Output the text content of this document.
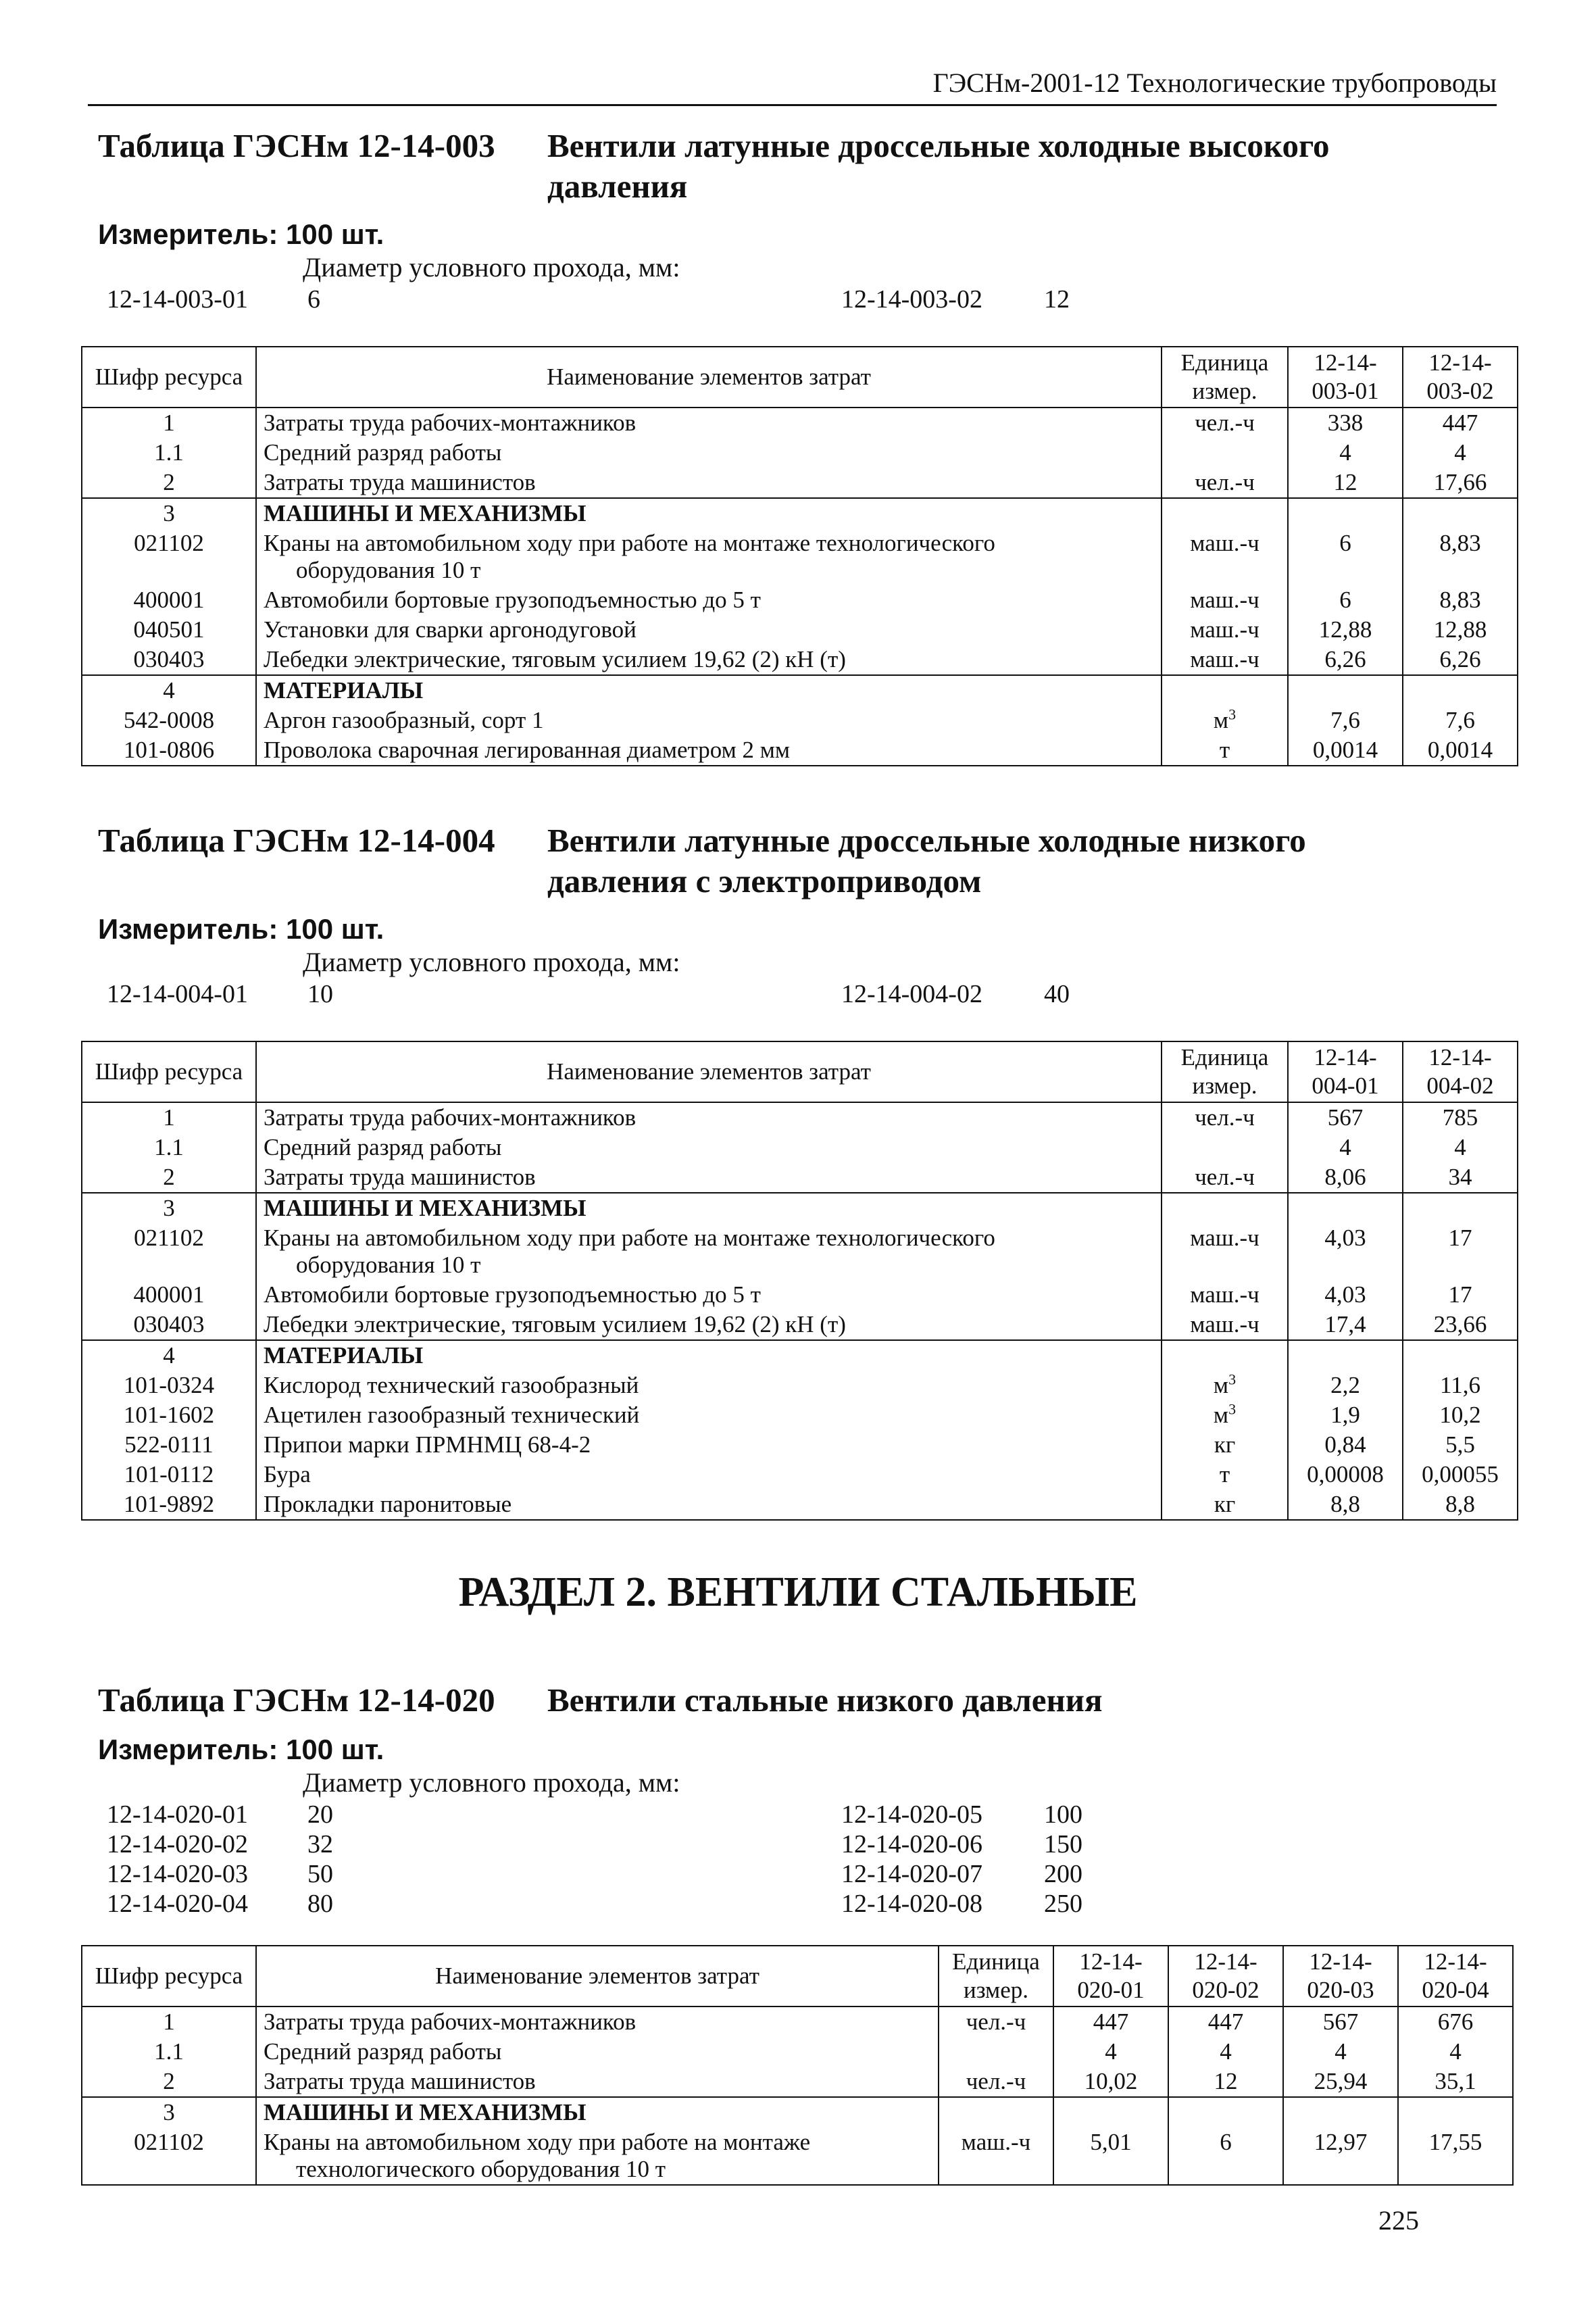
ГЭСНм-2001-12 Технологические трубопроводы
Таблица ГЭСНм 12-14-003	Вентили латунные дроссельные холодные высокого давления
Измеритель: 100 шт.
Диаметр условного прохода, мм:
12-14-003-01 6	12-14-003-02 12
Шифр ресурса	Наименование элементов затрат	Единица измер.	12-14-003-01	12-14-003-02
1	Затраты труда рабочих-монтажников	чел.-ч	338	447
1.1	Средний разряд работы		4	4
2	Затраты труда машинистов	чел.-ч	12	17,66
3	МАШИНЫ И МЕХАНИЗМЫ			
021102	Краны на автомобильном ходу при работе на монтаже технологического
оборудования 10 т	маш.-ч	6	8,83
400001	Автомобили бортовые грузоподъемностью до 5 т	маш.-ч	6	8,83
040501	Установки для сварки аргонодуговой	маш.-ч	12,88	12,88
030403	Лебедки электрические, тяговым усилием 19,62 (2) кН (т)	маш.-ч	6,26	6,26
4	МАТЕРИАЛЫ			
542-0008	Аргон газообразный, сорт 1	$м^3$	7,6	7,6
101-0806	Проволока сварочная легированная диаметром 2 мм	т	0,0014	0,0014
Таблица ГЭСНм 12-14-004	Вентили латунные дроссельные холодные низкого давления с электроприводом
Измеритель: 100 шт.
Диаметр условного прохода, мм:
12-14-004-01 10	12-14-004-02 40
Шифр ресурса	Наименование элементов затрат	Единица измер.	12-14-004-01	12-14-004-02
1	Затраты труда рабочих-монтажников	чел.-ч	567	785
1.1	Средний разряд работы		4	4
2	Затраты труда машинистов	чел.-ч	8,06	34
3	МАШИНЫ И МЕХАНИЗМЫ			
021102	Краны на автомобильном ходу при работе на монтаже технологического
оборудования 10 т	маш.-ч	4,03	17
400001	Автомобили бортовые грузоподъемностью до 5 т	маш.-ч	4,03	17
030403	Лебедки электрические, тяговым усилием 19,62 (2) кН (т)	маш.-ч	17,4	23,66
4	МАТЕРИАЛЫ			
101-0324	Кислород технический газообразный	$м^3$	2,2	11,6
101-1602	Ацетилен газообразный технический	$м^3$	1,9	10,2
522-0111	Припои марки ПРМНМЦ 68-4-2	кг	0,84	5,5
101-0112	Бура	т	0,00008	0,00055
101-9892	Прокладки паронитовые	кг	8,8	8,8
РАЗДЕЛ 2. ВЕНТИЛИ СТАЛЬНЫЕ
Таблица ГЭСНм 12-14-020	Вентили стальные низкого давления
Измеритель: 100 шт.
Диаметр условного прохода, мм:
12-14-020-01 20
12-14-020-02 32
12-14-020-03 50
12-14-020-04 80
12-14-020-05 100
12-14-020-06 150
12-14-020-07 200
12-14-020-08 250
Шифр ресурса	Наименование элементов затрат	Единица измер.	12-14-020-01	12-14-020-02	12-14-020-03	12-14-020-04
1	Затраты труда рабочих-монтажников	чел.-ч	447	447	567	676
1.1	Средний разряд работы		4	4	4	4
2	Затраты труда машинистов	чел.-ч	10,02	12	25,94	35,1
3	МАШИНЫ И МЕХАНИЗМЫ					
021102	Краны на автомобильном ходу при работе на монтаже
технологического оборудования 10 т	маш.-ч	5,01	6	12,97	17,55
225
